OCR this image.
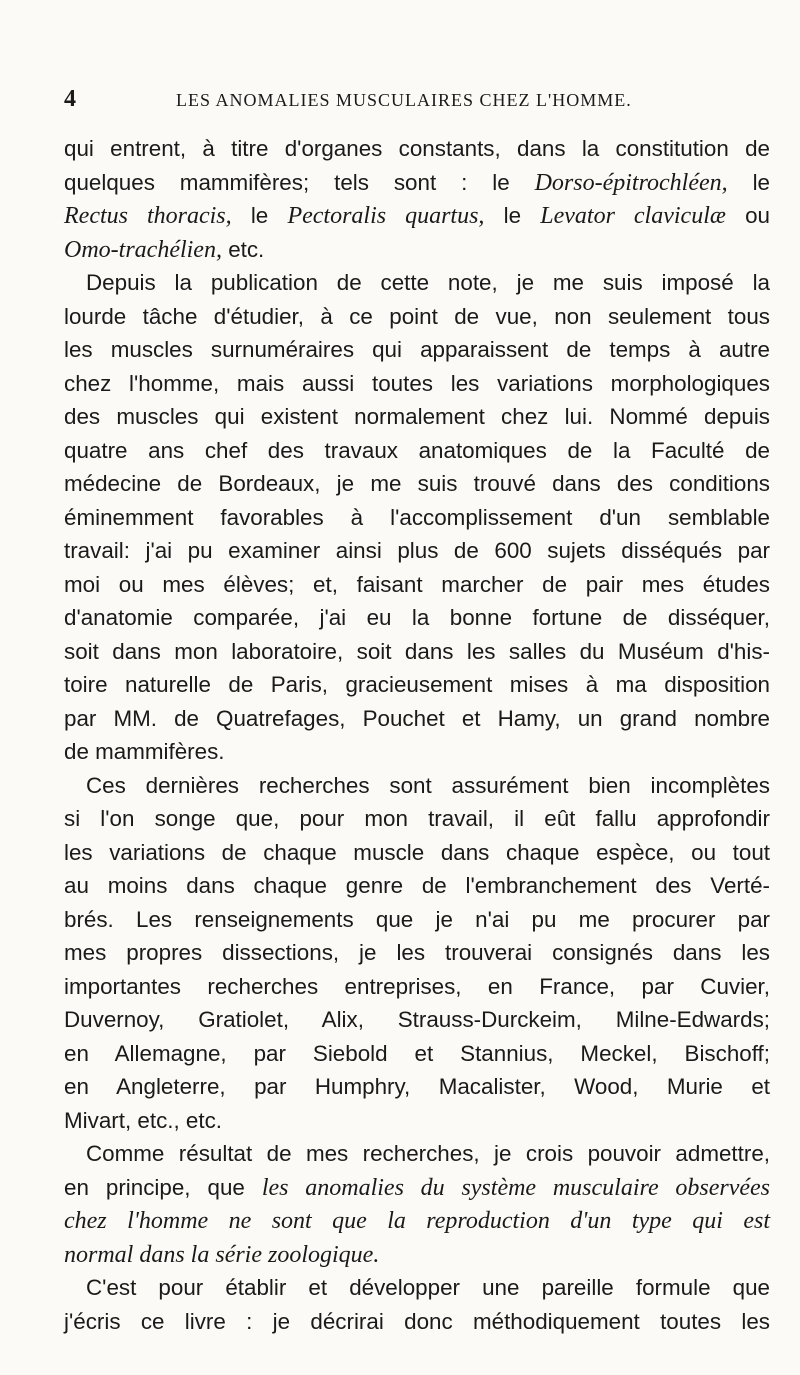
4	LES ANOMALIES MUSCULAIRES CHEZ L'HOMME.
qui entrent, à titre d'organes constants, dans la constitution de
quelques mammifères; tels sont : le Dorso-épitrochléen, le
Rectus thoracis, le Pectoralis quartus, le Levator claviculæ ou
Omo-trachélien, etc.
Depuis la publication de cette note, je me suis imposé la
lourde tâche d'étudier, à ce point de vue, non seulement tous
les muscles surnuméraires qui apparaissent de temps à autre
chez l'homme, mais aussi toutes les variations morphologiques
des muscles qui existent normalement chez lui. Nommé depuis
quatre ans chef des travaux anatomiques de la Faculté de
médecine de Bordeaux, je me suis trouvé dans des conditions
éminemment favorables à l'accomplissement d'un semblable
travail: j'ai pu examiner ainsi plus de 600 sujets disséqués par
moi ou mes élèves; et, faisant marcher de pair mes études
d'anatomie comparée, j'ai eu la bonne fortune de disséquer,
soit dans mon laboratoire, soit dans les salles du Muséum d'his-
toire naturelle de Paris, gracieusement mises à ma disposition
par MM. de Quatrefages, Pouchet et Hamy, un grand nombre
de mammifères.
Ces dernières recherches sont assurément bien incomplètes
si l'on songe que, pour mon travail, il eût fallu approfondir
les variations de chaque muscle dans chaque espèce, ou tout
au moins dans chaque genre de l'embranchement des Verté-
brés. Les renseignements que je n'ai pu me procurer par
mes propres dissections, je les trouverai consignés dans les
importantes recherches entreprises, en France, par Cuvier,
Duvernoy, Gratiolet, Alix, Strauss-Durckeim, Milne-Edwards;
en Allemagne, par Siebold et Stannius, Meckel, Bischoff;
en Angleterre, par Humphry, Macalister, Wood, Murie et
Mivart, etc., etc.
Comme résultat de mes recherches, je crois pouvoir admettre,
en principe, que les anomalies du système musculaire observées
chez l'homme ne sont que la reproduction d'un type qui est
normal dans la série zoologique.
C'est pour établir et développer une pareille formule que
j'écris ce livre : je décrirai donc méthodiquement toutes les
